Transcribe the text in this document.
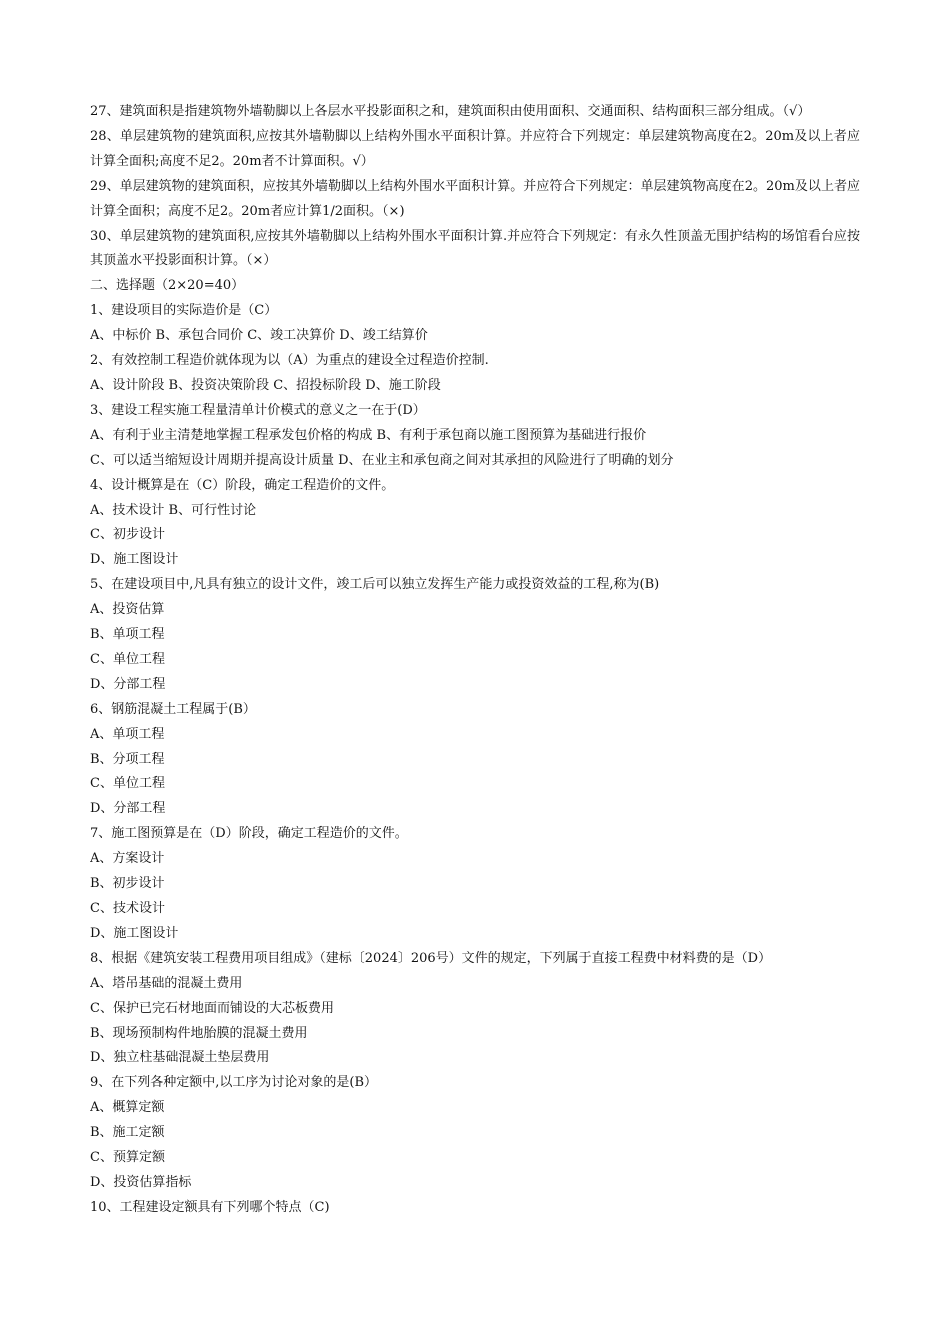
27、建筑面积是指建筑物外墙勒脚以上各层水平投影面积之和，建筑面积由使用面积、交通面积、结构面积三部分组成。（√）
28、单层建筑物的建筑面积,应按其外墙勒脚以上结构外围水平面积计算。并应符合下列规定：单层建筑物高度在2。20m及以上者应计算全面积;高度不足2。20m者不计算面积。√）
29、单层建筑物的建筑面积，应按其外墙勒脚以上结构外围水平面积计算。并应符合下列规定：单层建筑物高度在2。20m及以上者应计算全面积；高度不足2。20m者应计算1/2面积。（×)
30、单层建筑物的建筑面积,应按其外墙勒脚以上结构外围水平面积计算.并应符合下列规定：有永久性顶盖无围护结构的场馆看台应按其顶盖水平投影面积计算。（×）
二、选择题（2×20=40）
1、建设项目的实际造价是（C）
A、中标价 B、承包合同价 C、竣工决算价 D、竣工结算价
2、有效控制工程造价就体现为以（A）为重点的建设全过程造价控制.
A、设计阶段 B、投资决策阶段 C、招投标阶段 D、施工阶段
3、建设工程实施工程量清单计价模式的意义之一在于(D）
A、有利于业主清楚地掌握工程承发包价格的构成 B、有利于承包商以施工图预算为基础进行报价
C、可以适当缩短设计周期并提高设计质量 D、在业主和承包商之间对其承担的风险进行了明确的划分
4、设计概算是在（C）阶段，确定工程造价的文件。
A、技术设计 B、可行性讨论
C、初步设计
D、施工图设计
5、在建设项目中,凡具有独立的设计文件，竣工后可以独立发挥生产能力或投资效益的工程,称为(B)
A、投资估算
B、单项工程
C、单位工程
D、分部工程
6、钢筋混凝土工程属于(B）
A、单项工程
B、分项工程
C、单位工程
D、分部工程
7、施工图预算是在（D）阶段，确定工程造价的文件。
A、方案设计
B、初步设计
C、技术设计
D、施工图设计
8、根据《建筑安装工程费用项目组成》（建标〔2024〕206号）文件的规定，下列属于直接工程费中材料费的是（D）
A、塔吊基础的混凝土费用
C、保护已完石材地面而铺设的大芯板费用
B、现场预制构件地胎膜的混凝土费用
D、独立柱基础混凝土垫层费用
9、在下列各种定额中,以工序为讨论对象的是(B）
A、概算定额
B、施工定额
C、预算定额
D、投资估算指标
10、工程建设定额具有下列哪个特点（C)
